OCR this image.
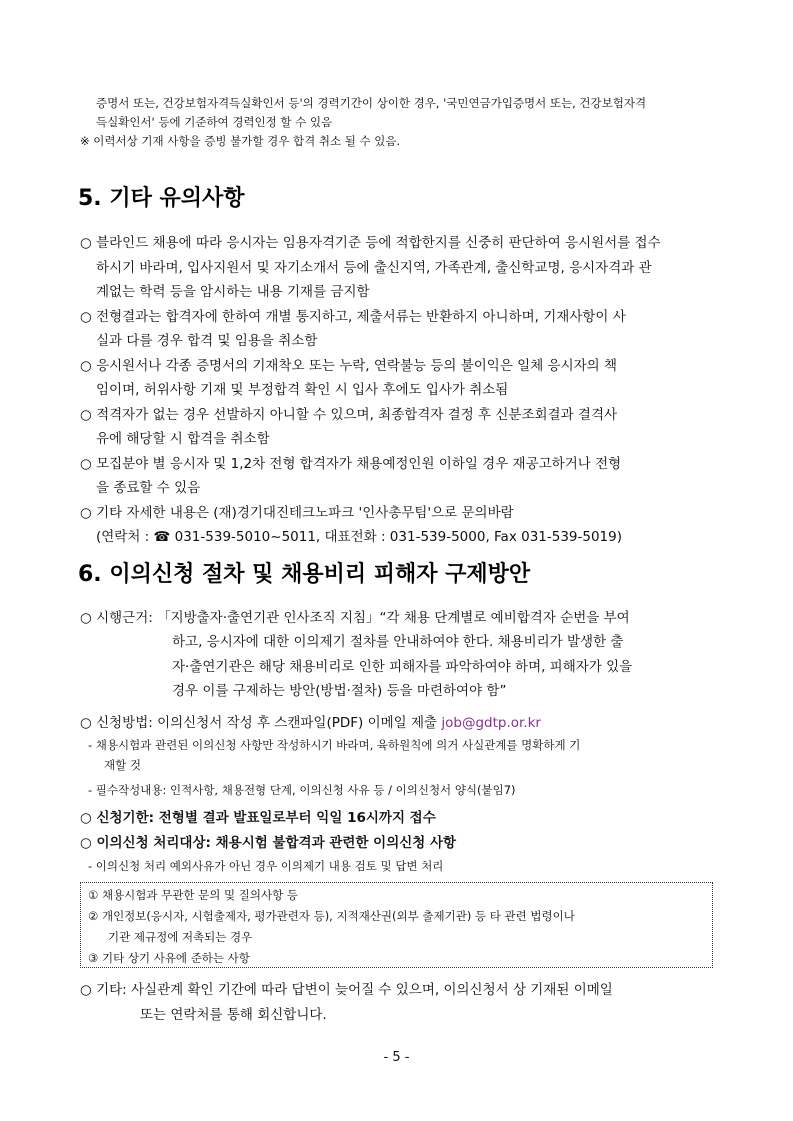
증명서 또는, 건강보험자격득실확인서 등'의 경력기간이 상이한 경우, '국민연금가입증명서 또는, 건강보험자격
득실확인서' 등에 기준하여 경력인정 할 수 있음
※ 이력서상 기재 사항을 증빙 불가할 경우 합격 취소 될 수 있음.
5. 기타 유의사항
○ 블라인드 채용에 따라 응시자는 임용자격기준 등에 적합한지를 신중히 판단하여 응시원서를 접수
하시기 바라며, 입사지원서 및 자기소개서 등에 출신지역, 가족관계, 출신학교명, 응시자격과 관
계없는 학력 등을 암시하는 내용 기재를 금지함
○ 전형결과는 합격자에 한하여 개별 통지하고, 제출서류는 반환하지 아니하며, 기재사항이 사
실과 다를 경우 합격 및 임용을 취소함
○ 응시원서나 각종 증명서의 기재착오 또는 누락, 연락불능 등의 불이익은 일체 응시자의 책
임이며, 허위사항 기재 및 부정합격 확인 시 입사 후에도 입사가 취소됨
○ 적격자가 없는 경우 선발하지 아니할 수 있으며, 최종합격자 결정 후 신분조회결과 결격사
유에 해당할 시 합격을 취소함
○ 모집분야 별 응시자 및 1,2차 전형 합격자가 채용예정인원 이하일 경우 재공고하거나 전형
을 종료할 수 있음
○ 기타 자세한 내용은 (재)경기대진테크노파크 '인사총무팀'으로 문의바람
(연락처 : ☎ 031-539-5010~5011, 대표전화 : 031-539-5000, Fax 031-539-5019)
6. 이의신청 절차 및 채용비리 피해자 구제방안
○ 시행근거: 「지방출자·출연기관 인사조직 지침」“각 채용 단계별로 예비합격자 순번을 부여
하고, 응시자에 대한 이의제기 절차를 안내하여야 한다. 채용비리가 발생한 출
자·출연기관은 해당 채용비리로 인한 피해자를 파악하여야 하며, 피해자가 있을
경우 이를 구제하는 방안(방법·절차) 등을 마련하여야 함”
○ 신청방법: 이의신청서 작성 후 스캔파일(PDF) 이메일 제출 job@gdtp.or.kr
- 채용시험과 관련된 이의신청 사항만 작성하시기 바라며, 육하원칙에 의거 사실관계를 명확하게 기
재할 것
- 필수작성내용: 인적사항, 채용전형 단계, 이의신청 사유 등 / 이의신청서 양식(붙임7)
○ 신청기한: 전형별 결과 발표일로부터 익일 16시까지 접수
○ 이의신청 처리대상: 채용시험 불합격과 관련한 이의신청 사항
- 이의신청 처리 예외사유가 아닌 경우 이의제기 내용 검토 및 답변 처리
① 채용시험과 무관한 문의 및 질의사항 등
② 개인정보(응시자, 시험출제자, 평가관련자 등), 지적재산권(외부 출제기관) 등 타 관련 법령이나
기관 제규정에 저촉되는 경우
③ 기타 상기 사유에 준하는 사항
○ 기타: 사실관계 확인 기간에 따라 답변이 늦어질 수 있으며, 이의신청서 상 기재된 이메일
또는 연락처를 통해 회신합니다.
- 5 -
